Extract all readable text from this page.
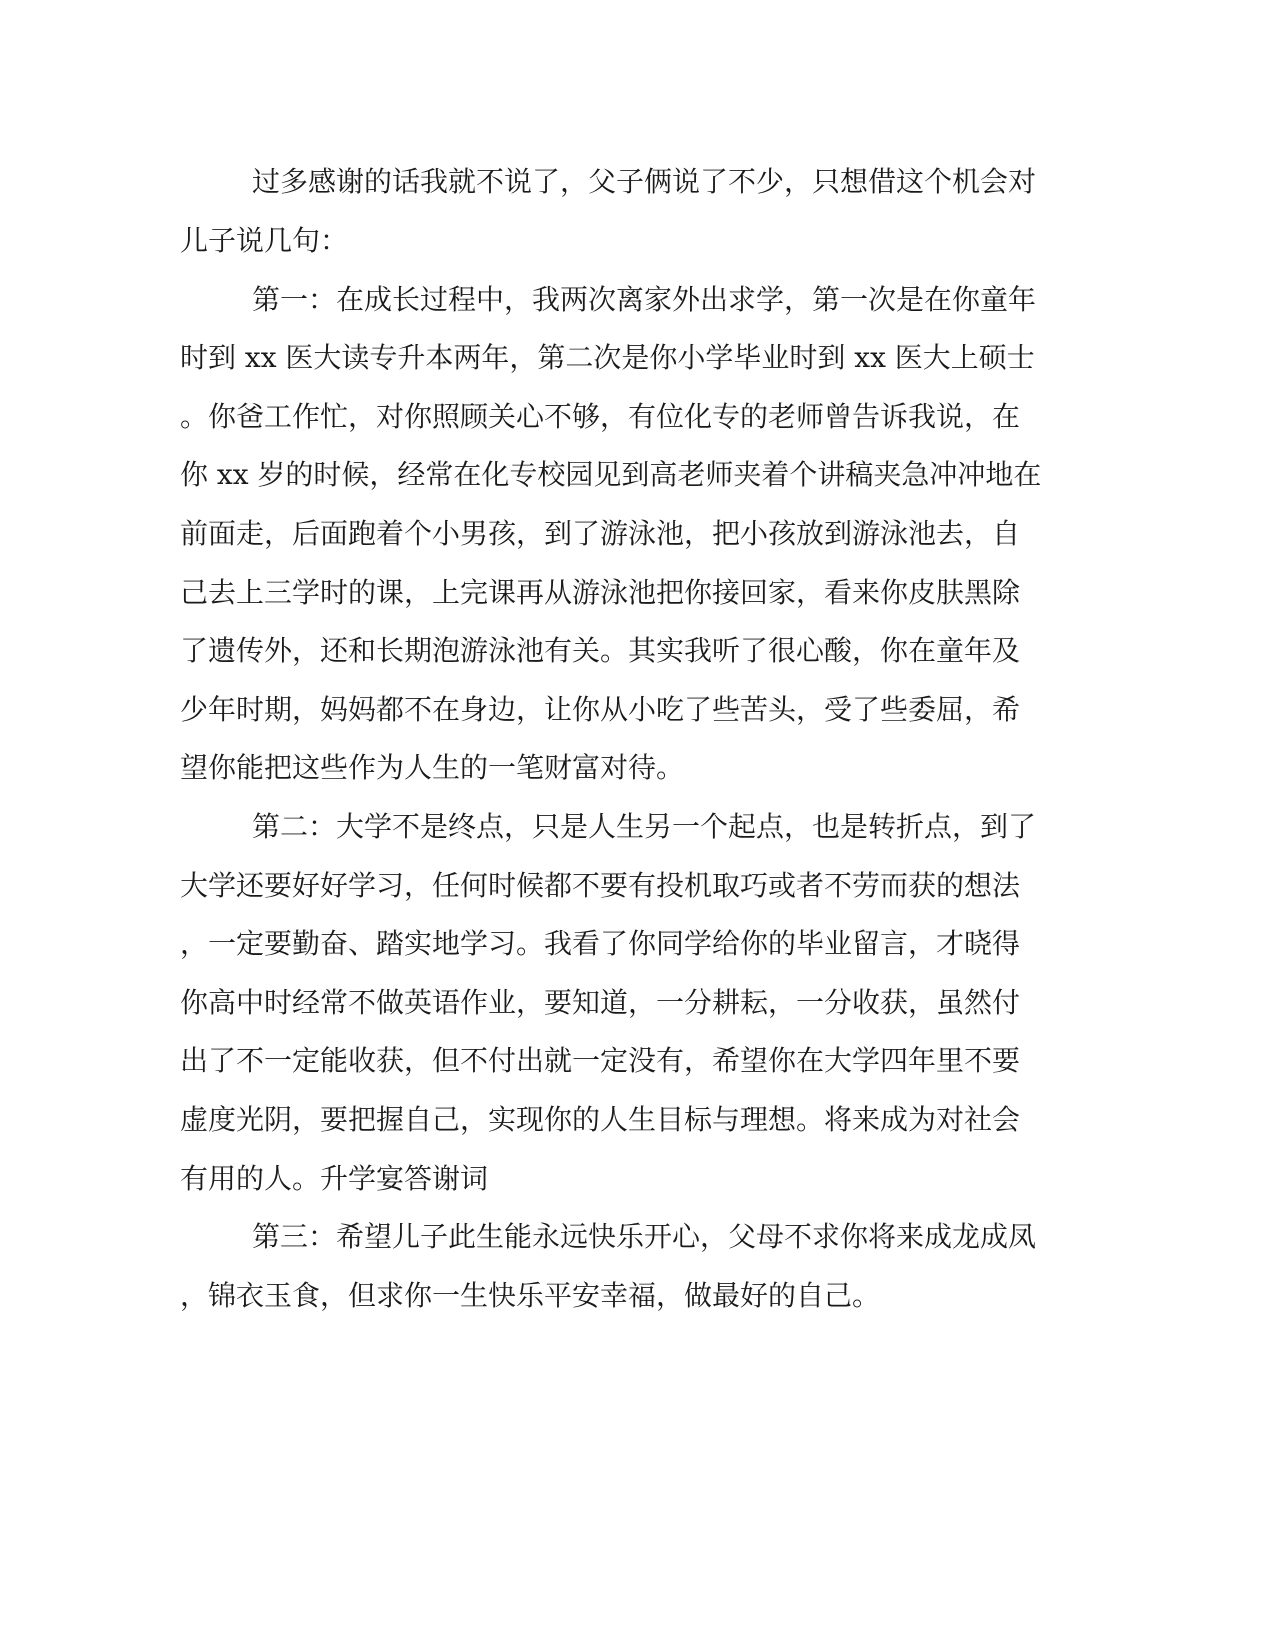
过多感谢的话我就不说了，父子俩说了不少，只想借这个机会对
儿子说几句：
第一：在成长过程中，我两次离家外出求学，第一次是在你童年
时到 xx 医大读专升本两年，第二次是你小学毕业时到 xx 医大上硕士
。你爸工作忙，对你照顾关心不够，有位化专的老师曾告诉我说，在
你 xx 岁的时候，经常在化专校园见到高老师夹着个讲稿夹急冲冲地在
前面走，后面跑着个小男孩，到了游泳池，把小孩放到游泳池去，自
己去上三学时的课，上完课再从游泳池把你接回家，看来你皮肤黑除
了遗传外，还和长期泡游泳池有关。其实我听了很心酸，你在童年及
少年时期，妈妈都不在身边，让你从小吃了些苦头，受了些委屈，希
望你能把这些作为人生的一笔财富对待。
第二：大学不是终点，只是人生另一个起点，也是转折点，到了
大学还要好好学习，任何时候都不要有投机取巧或者不劳而获的想法
，一定要勤奋、踏实地学习。我看了你同学给你的毕业留言，才晓得
你高中时经常不做英语作业，要知道，一分耕耘，一分收获，虽然付
出了不一定能收获，但不付出就一定没有，希望你在大学四年里不要
虚度光阴，要把握自己，实现你的人生目标与理想。将来成为对社会
有用的人。升学宴答谢词
第三：希望儿子此生能永远快乐开心，父母不求你将来成龙成凤
，锦衣玉食，但求你一生快乐平安幸福，做最好的自己。
